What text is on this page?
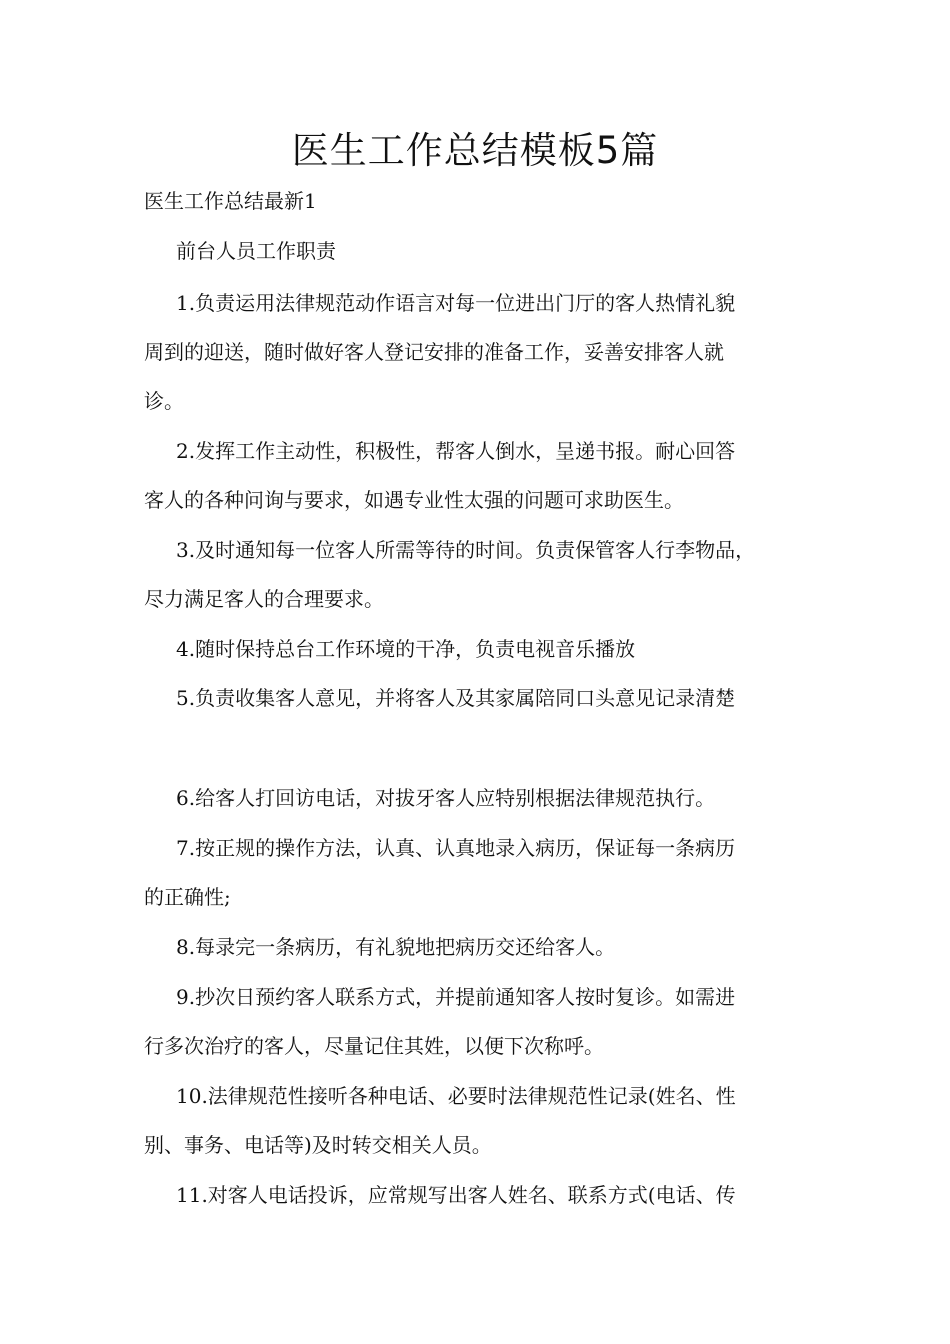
医生工作总结模板5篇

医生工作总结最新1

前台人员工作职责

1.负责运用法律规范动作语言对每一位进出门厅的客人热情礼貌

周到的迎送，随时做好客人登记安排的准备工作，妥善安排客人就

诊。

2.发挥工作主动性，积极性，帮客人倒水，呈递书报。耐心回答

客人的各种问询与要求，如遇专业性太强的问题可求助医生。

3.及时通知每一位客人所需等待的时间。负责保管客人行李物品，

尽力满足客人的合理要求。

4.随时保持总台工作环境的干净，负责电视音乐播放

5.负责收集客人意见，并将客人及其家属陪同口头意见记录清楚

6.给客人打回访电话，对拔牙客人应特别根据法律规范执行。

7.按正规的操作方法，认真、认真地录入病历，保证每一条病历

的正确性;

8.每录完一条病历，有礼貌地把病历交还给客人。

9.抄次日预约客人联系方式，并提前通知客人按时复诊。如需进

行多次治疗的客人，尽量记住其姓，以便下次称呼。

10.法律规范性接听各种电话、必要时法律规范性记录(姓名、性

别、事务、电话等)及时转交相关人员。

11.对客人电话投诉，应常规写出客人姓名、联系方式(电话、传
